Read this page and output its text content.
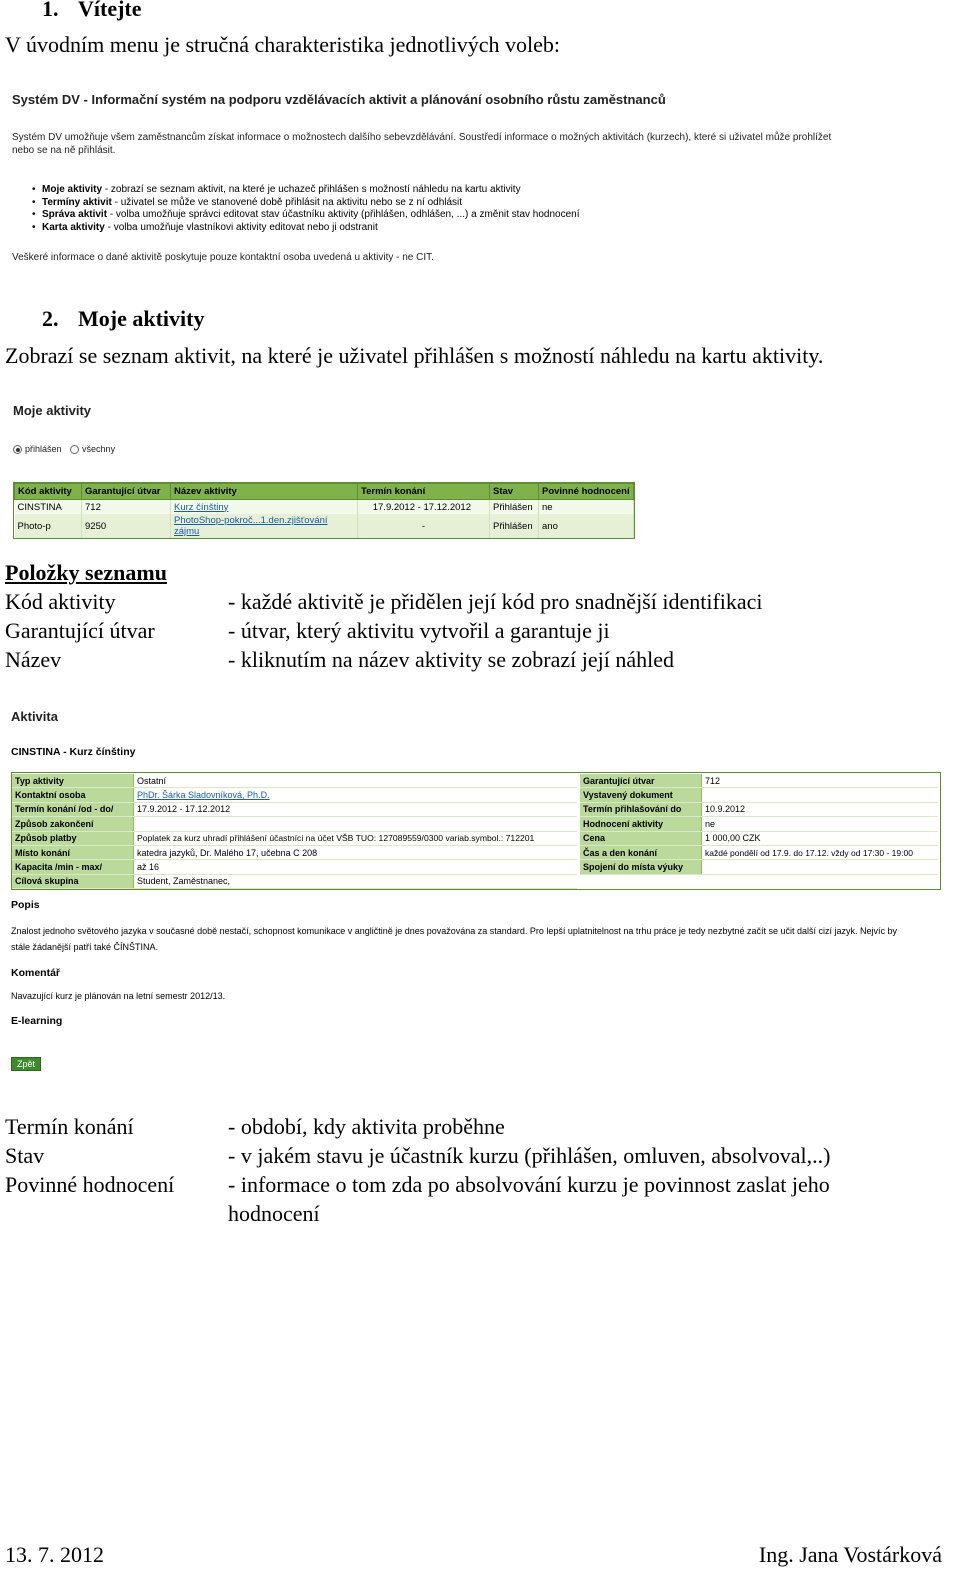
1. Vítejte
V úvodním menu je stručná charakteristika jednotlivých voleb:
Systém DV - Informační systém na podporu vzdělávacích aktivit a plánování osobního růstu zaměstnanců
Systém DV umožňuje všem zaměstnancům získat informace o možnostech dalšího sebevzdělávání. Soustředí informace o možných aktivitách (kurzech), které si uživatel může prohlížet nebo se na ně přihlásit.
• Moje aktivity - zobrazí se seznam aktivit, na které je uchazeč přihlášen s možností náhledu na kartu aktivity
• Termíny aktivit - uživatel se může ve stanovené době přihlásit na aktivitu nebo se z ní odhlásit
• Správa aktivit - volba umožňuje správci editovat stav účastníku aktivity (přihlášen, odhlášen, ...) a změnit stav hodnocení
• Karta aktivity - volba umožňuje vlastníkovi aktivity editovat nebo ji odstranit
Veškeré informace o dané aktivitě poskytuje pouze kontaktní osoba uvedená u aktivity - ne CIT.
2. Moje aktivity
Zobrazí se seznam aktivit, na které je uživatel přihlášen s možností náhledu na kartu aktivity.
Moje aktivity
přihlášen všechny
Kód aktivity	Garantující útvar	Název aktivity	Termín konání	Stav	Povinné hodnocení
CINSTINA	712	Kurz čínštiny	17.9.2012 - 17.12.2012	Přihlášen	ne
Photo-p	9250	PhotoShop-pokroč...1.den.zjišťování zájmu	-	Přihlášen	ano
Položky seznamu
Kód aktivity	- každé aktivitě je přidělen její kód pro snadnější identifikaci
Garantující útvar	- útvar, který aktivitu vytvořil a garantuje ji
Název	- kliknutím na název aktivity se zobrazí její náhled
Aktivita
CINSTINA - Kurz čínštiny
Typ aktivity	Ostatní
Kontaktní osoba	PhDr. Šárka Sladovníková, Ph.D.
Termín konání /od - do/	17.9.2012 - 17.12.2012
Způsob zakončení	
Způsob platby	Poplatek za kurz uhradí přihlášení účastníci na účet VŠB TUO: 127089559/0300 variab.symbol.: 712201
Místo konání	katedra jazyků, Dr. Malého 17, učebna C 208
Kapacita /min - max/	až 16
Cílová skupina	Student, Zaměstnanec,
Garantující útvar	712
Vystavený dokument	
Termín přihlašování do	10.9.2012
Hodnocení aktivity	ne
Cena	1 000,00 CZK
Čas a den konání	každé pondělí od 17.9. do 17.12. vždy od 17:30 - 19:00
Spojení do místa výuky	
Popis
Znalost jednoho světového jazyka v současné době nestačí, schopnost komunikace v angličtině je dnes považována za standard. Pro lepší uplatnitelnost na trhu práce je tedy nezbytné začít se učit další cizí jazyk. Nejvíc by stále žádanější patří také ČÍNŠTINA.
Komentář
Navazující kurz je plánován na letní semestr 2012/13.
E-learning
Zpět
Termín konání	- období, kdy aktivita proběhne
Stav	- v jakém stavu je účastník kurzu (přihlášen, omluven, absolvoval,..)
Povinné hodnocení	- informace o tom zda po absolvování kurzu je povinnost zaslat jeho
hodnocení
13. 7. 2012	Ing. Jana Vostárková
